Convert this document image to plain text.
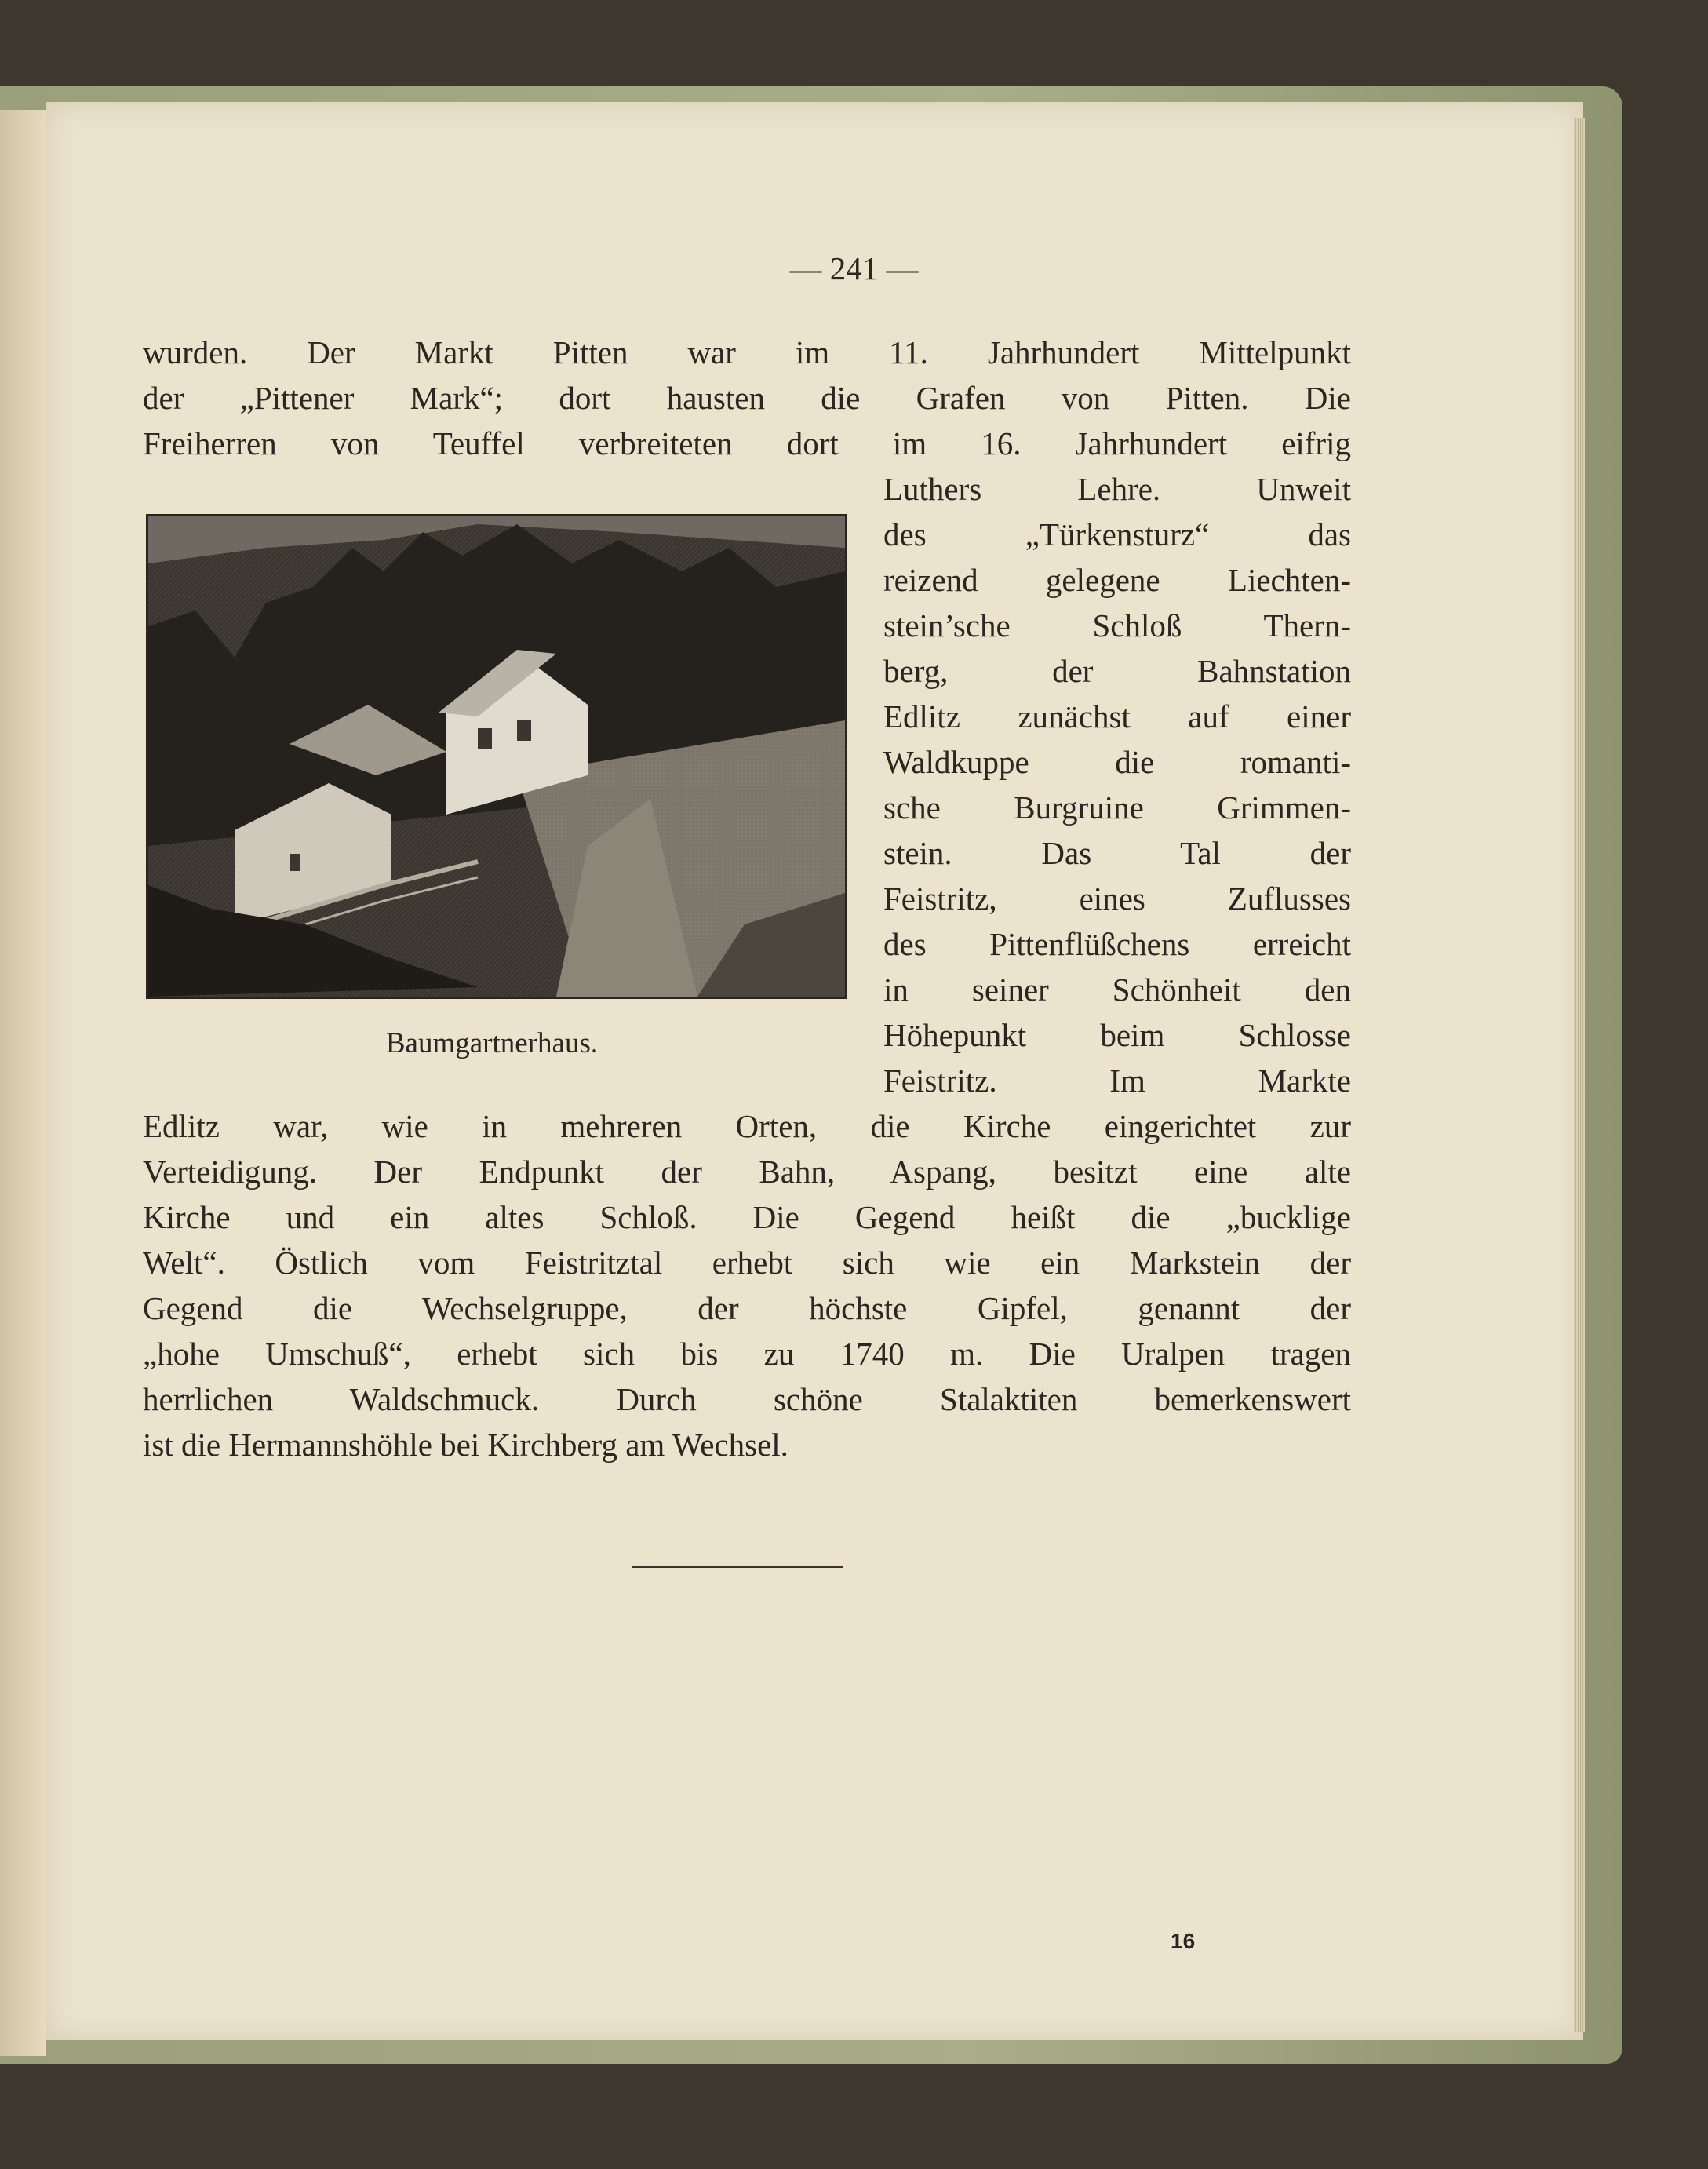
— 241 —
wurden. Der Markt Pitten war im 11. Jahrhundert Mittelpunkt
der „Pittener Mark“; dort hausten die Grafen von Pitten. Die
Freiherren von Teuffel verbreiteten dort im 16. Jahrhundert eifrig
Baumgartnerhaus.
Luthers Lehre. Unweit
des „Türkensturz“ das
reizend gelegene Liechten-
stein’sche Schloß Thern-
berg, der Bahnstation
Edlitz zunächst auf einer
Waldkuppe die romanti-
sche Burgruine Grimmen-
stein. Das Tal der
Feistritz, eines Zuflusses
des Pittenflüßchens erreicht
in seiner Schönheit den
Höhepunkt beim Schlosse
Feistritz. Im Markte
Edlitz war, wie in mehreren Orten, die Kirche eingerichtet zur
Verteidigung. Der Endpunkt der Bahn, Aspang, besitzt eine alte
Kirche und ein altes Schloß. Die Gegend heißt die „bucklige
Welt“. Östlich vom Feistritztal erhebt sich wie ein Markstein der
Gegend die Wechselgruppe, der höchste Gipfel, genannt der
„hohe Umschuß“, erhebt sich bis zu 1740 m. Die Uralpen tragen
herrlichen Waldschmuck. Durch schöne Stalaktiten bemerkenswert
ist die Hermannshöhle bei Kirchberg am Wechsel.
16
